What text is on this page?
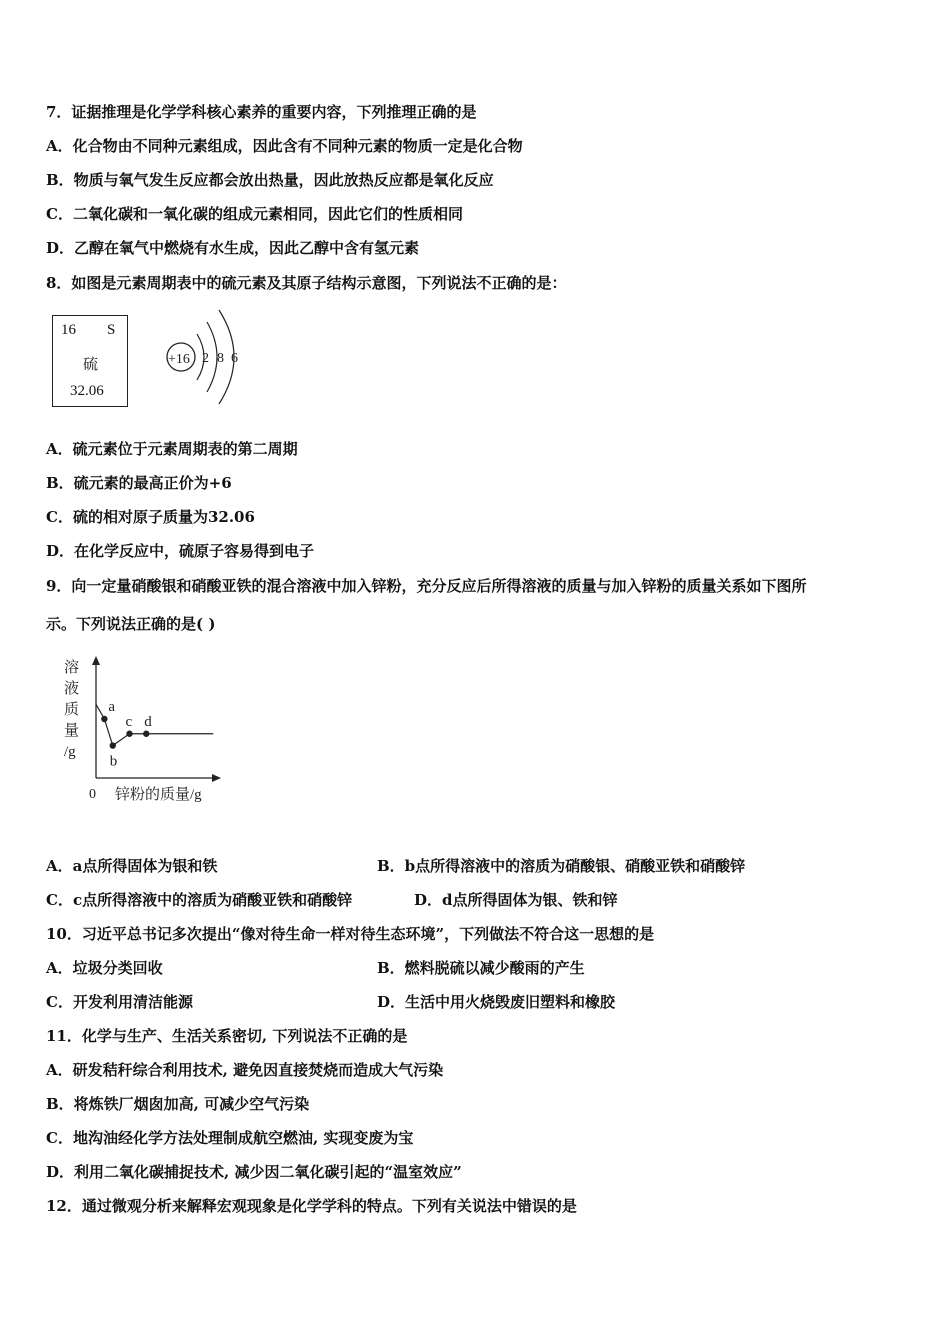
7．证据推理是化学学科核心素养的重要内容，下列推理正确的是
A．化合物由不同种元素组成，因此含有不同种元素的物质一定是化合物
B．物质与氧气发生反应都会放出热量，因此放热反应都是氧化反应
C．二氧化碳和一氧化碳的组成元素相同，因此它们的性质相同
D．乙醇在氧气中燃烧有水生成，因此乙醇中含有氢元素
8．如图是元素周期表中的硫元素及其原子结构示意图，下列说法不正确的是：
16 S
硫
32.06
+16 2 8 6
A．硫元素位于元素周期表的第二周期
B．硫元素的最高正价为+6
C．硫的相对原子质量为32.06
D．在化学反应中，硫原子容易得到电子
9．向一定量硝酸银和硝酸亚铁的混合溶液中加入锌粉，充分反应后所得溶液的质量与加入锌粉的质量关系如下图所
示。下列说法正确的是( )
溶
液
质
量
/g
0 锌粉的质量/g
a
b
c d
A．a点所得固体为银和铁	B．b点所得溶液中的溶质为硝酸银、硝酸亚铁和硝酸锌
C．c点所得溶液中的溶质为硝酸亚铁和硝酸锌	D．d点所得固体为银、铁和锌
10．习近平总书记多次提出“像对待生命一样对待生态环境”，下列做法不符合这一思想的是
A．垃圾分类回收	B．燃料脱硫以减少酸雨的产生
C．开发利用清洁能源	D．生活中用火烧毁废旧塑料和橡胶
11．化学与生产、生活关系密切, 下列说法不正确的是
A．研发秸秆综合利用技术, 避免因直接焚烧而造成大气污染
B．将炼铁厂烟囱加高, 可减少空气污染
C．地沟油经化学方法处理制成航空燃油, 实现变废为宝
D．利用二氧化碳捕捉技术, 减少因二氧化碳引起的“温室效应”
12．通过微观分析来解释宏观现象是化学学科的特点。下列有关说法中错误的是
